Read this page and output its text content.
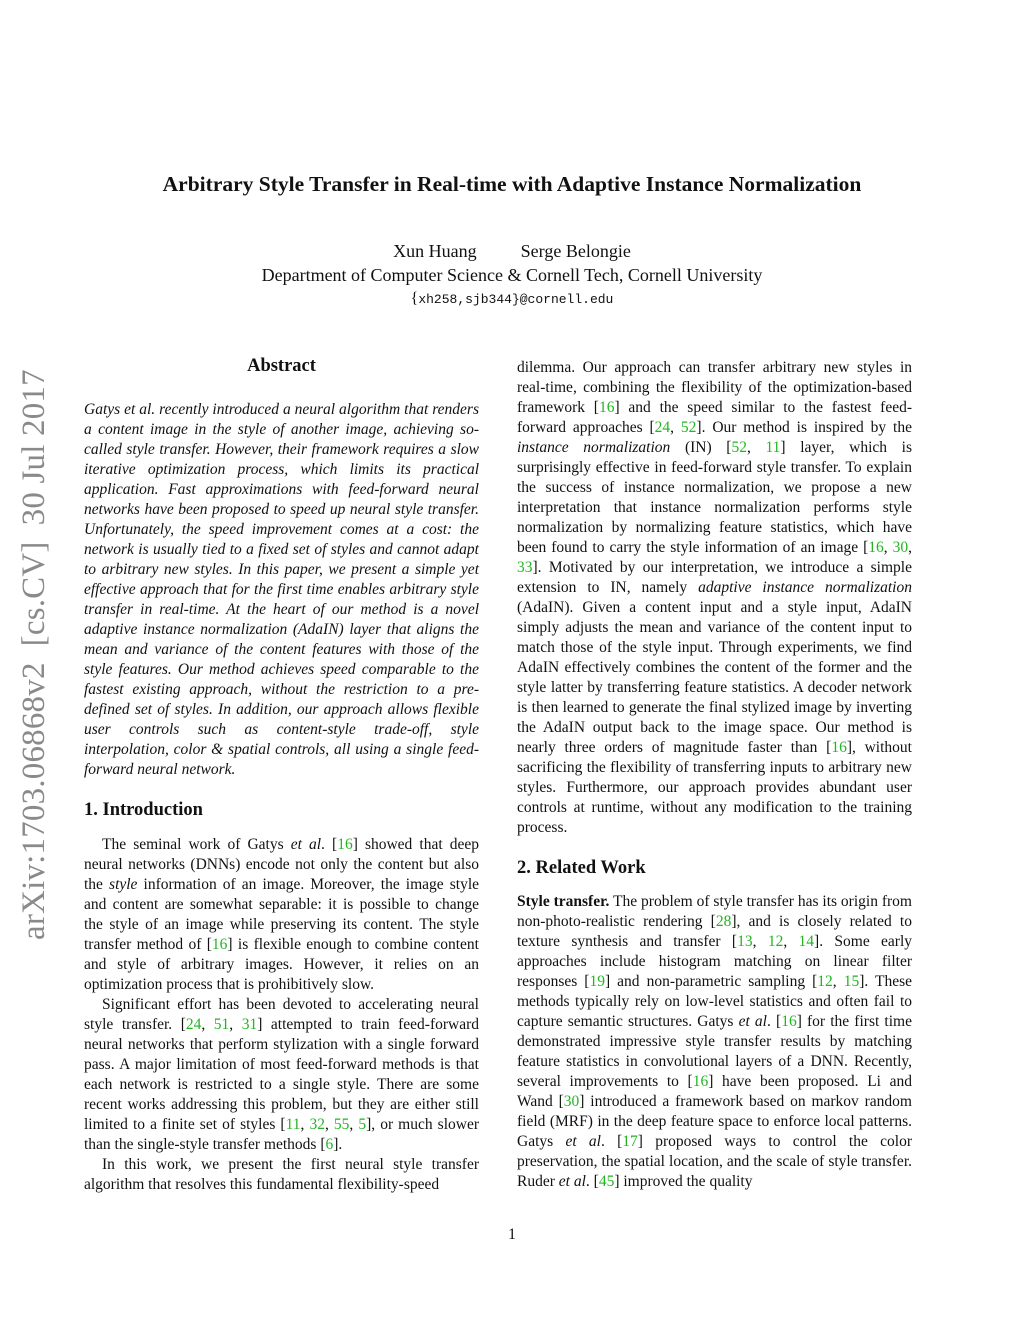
arXiv:1703.06868v2[cs.CV]30 Jul 2017
Arbitrary Style Transfer in Real-time with Adaptive Instance Normalization
Xun Huang Serge Belongie
Department of Computer Science & Cornell Tech, Cornell University
{xh258,sjb344}@cornell.edu
Abstract
Gatys et al. recently introduced a neural algorithm that renders a content image in the style of another image, achieving so-called style transfer. However, their framework requires a slow iterative optimization process, which limits its practical application. Fast approximations with feed-forward neural networks have been proposed to speed up neural style transfer. Unfortunately, the speed improvement comes at a cost: the network is usually tied to a fixed set of styles and cannot adapt to arbitrary new styles. In this paper, we present a simple yet effective approach that for the first time enables arbitrary style transfer in real-time. At the heart of our method is a novel adaptive instance normalization (AdaIN) layer that aligns the mean and variance of the content features with those of the style features. Our method achieves speed comparable to the fastest existing approach, without the restriction to a pre-defined set of styles. In addition, our approach allows flexible user controls such as content-style trade-off, style interpolation, color & spatial controls, all using a single feed-forward neural network.
1. Introduction

The seminal work of Gatys et al. [16] showed that deep neural networks (DNNs) encode not only the content but also the style information of an image. Moreover, the image style and content are somewhat separable: it is possible to change the style of an image while preserving its content. The style transfer method of [16] is flexible enough to combine content and style of arbitrary images. However, it relies on an optimization process that is prohibitively slow.

Significant effort has been devoted to accelerating neural style transfer. [24, 51, 31] attempted to train feed-forward neural networks that perform stylization with a single forward pass. A major limitation of most feed-forward methods is that each network is restricted to a single style. There are some recent works addressing this problem, but they are either still limited to a finite set of styles [11, 32, 55, 5], or much slower than the single-style transfer methods [6].

In this work, we present the first neural style transfer algorithm that resolves this fundamental flexibility-speed

dilemma. Our approach can transfer arbitrary new styles in real-time, combining the flexibility of the optimization-based framework [16] and the speed similar to the fastest feed-forward approaches [24, 52]. Our method is inspired by the instance normalization (IN) [52, 11] layer, which is surprisingly effective in feed-forward style transfer. To explain the success of instance normalization, we propose a new interpretation that instance normalization performs style normalization by normalizing feature statistics, which have been found to carry the style information of an image [16, 30, 33]. Motivated by our interpretation, we introduce a simple extension to IN, namely adaptive instance normalization (AdaIN). Given a content input and a style input, AdaIN simply adjusts the mean and variance of the content input to match those of the style input. Through experiments, we find AdaIN effectively combines the content of the former and the style latter by transferring feature statistics. A decoder network is then learned to generate the final stylized image by inverting the AdaIN output back to the image space. Our method is nearly three orders of magnitude faster than [16], without sacrificing the flexibility of transferring inputs to arbitrary new styles. Furthermore, our approach provides abundant user controls at runtime, without any modification to the training process.

2. Related Work

Style transfer. The problem of style transfer has its origin from non-photo-realistic rendering [28], and is closely related to texture synthesis and transfer [13, 12, 14]. Some early approaches include histogram matching on linear filter responses [19] and non-parametric sampling [12, 15]. These methods typically rely on low-level statistics and often fail to capture semantic structures. Gatys et al. [16] for the first time demonstrated impressive style transfer results by matching feature statistics in convolutional layers of a DNN. Recently, several improvements to [16] have been proposed. Li and Wand [30] introduced a framework based on markov random field (MRF) in the deep feature space to enforce local patterns. Gatys et al. [17] proposed ways to control the color preservation, the spatial location, and the scale of style transfer. Ruder et al. [45] improved the quality

1
